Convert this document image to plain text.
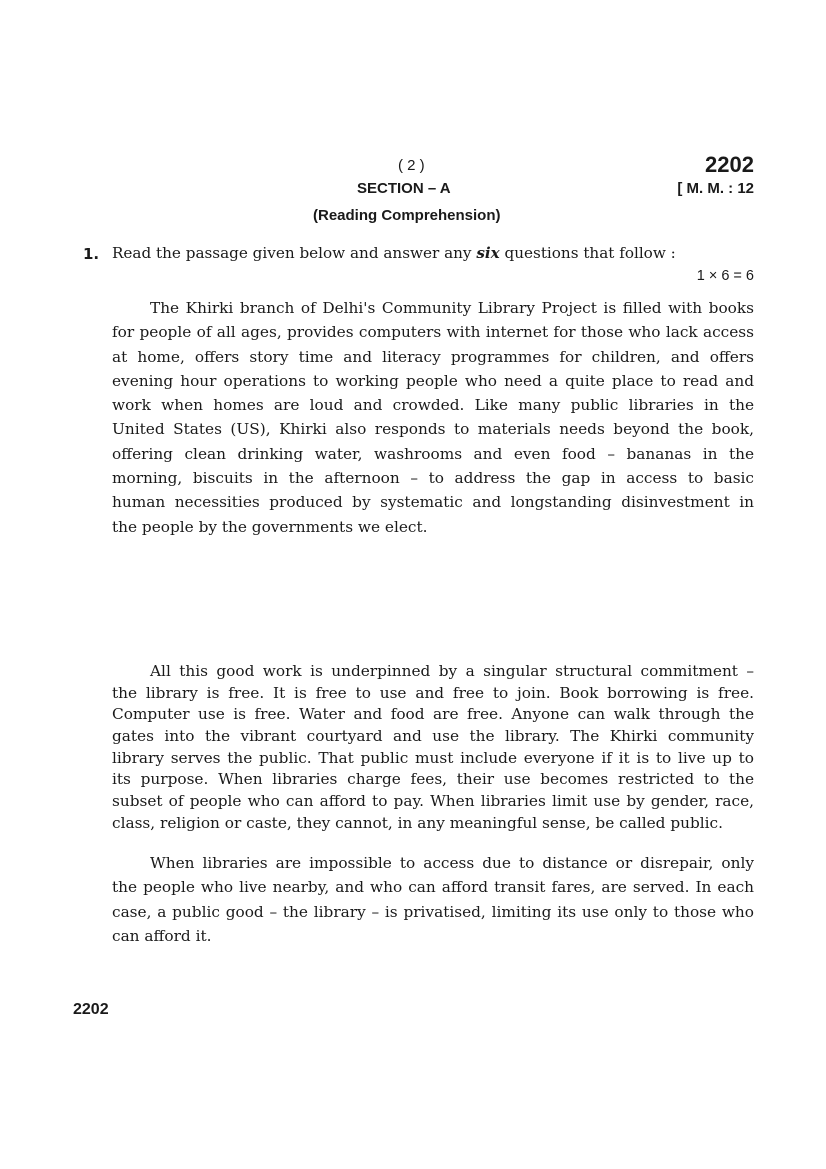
( 2 )	2202
SECTION – A	[ M. M. : 12
(Reading Comprehension)
1. Read the passage given below and answer any six questions that follow :
1 × 6 = 6
The Khirki branch of Delhi's Community Library Project is filled with books
for people of all ages, provides computers with internet for those who lack access
at home, offers story time and literacy programmes for children, and offers
evening hour operations to working people who need a quite place to read and
work when homes are loud and crowded. Like many public libraries in the
United States (US), Khirki also responds to materials needs beyond the book,
offering clean drinking water, washrooms and even food – bananas in the
morning, biscuits in the afternoon – to address the gap in access to basic
human necessities produced by systematic and longstanding disinvestment in
the people by the governments we elect.
All this good work is underpinned by a singular structural commitment –
the library is free. It is free to use and free to join. Book borrowing is free.
Computer use is free. Water and food are free. Anyone can walk through the
gates into the vibrant courtyard and use the library. The Khirki community
library serves the public. That public must include everyone if it is to live up to
its purpose. When libraries charge fees, their use becomes restricted to the
subset of people who can afford to pay. When libraries limit use by gender, race,
class, religion or caste, they cannot, in any meaningful sense, be called public.
When libraries are impossible to access due to distance or disrepair, only
the people who live nearby, and who can afford transit fares, are served. In each
case, a public good – the library – is privatised, limiting its use only to those who
can afford it.
2202
